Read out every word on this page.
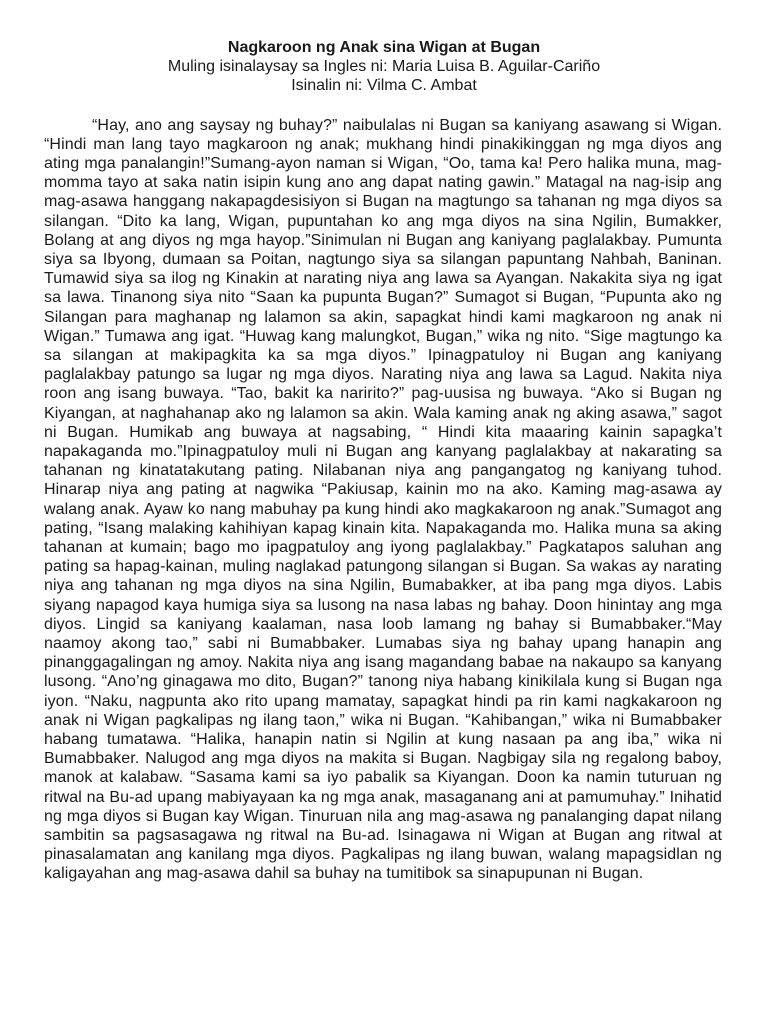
Nagkaroon ng Anak sina Wigan at Bugan

Muling isinalaysay sa Ingles ni: Maria Luisa B. Aguilar-Cariño

Isinalin ni: Vilma C. Ambat

“Hay, ano ang saysay ng buhay?” naibulalas ni Bugan sa kaniyang asawang si Wigan. “Hindi man lang tayo magkaroon ng anak; mukhang hindi pinakikinggan ng mga diyos ang ating mga panalangin!”Sumang-ayon naman si Wigan, “Oo, tama ka! Pero halika muna, mag-momma tayo at saka natin isipin kung ano ang dapat nating gawin.” Matagal na nag-isip ang mag-asawa hanggang nakapagdesisiyon si Bugan na magtungo sa tahanan ng mga diyos sa silangan. “Dito ka lang, Wigan, pupuntahan ko ang mga diyos na sina Ngilin, Bumakker, Bolang at ang diyos ng mga hayop.”Sinimulan ni Bugan ang kaniyang paglalakbay. Pumunta siya sa Ibyong, dumaan sa Poitan, nagtungo siya sa silangan papuntang Nahbah, Baninan. Tumawid siya sa ilog ng Kinakin at narating niya ang lawa sa Ayangan. Nakakita siya ng igat sa lawa. Tinanong siya nito “Saan ka pupunta Bugan?” Sumagot si Bugan, “Pupunta ako ng Silangan para maghanap ng lalamon sa akin, sapagkat hindi kami magkaroon ng anak ni Wigan.” Tumawa ang igat. “Huwag kang malungkot, Bugan,” wika ng nito. “Sige magtungo ka sa silangan at makipagkita ka sa mga diyos.” Ipinagpatuloy ni Bugan ang kaniyang paglalakbay patungo sa lugar ng mga diyos. Narating niya ang lawa sa Lagud. Nakita niya roon ang isang buwaya. “Tao, bakit ka naririto?” pag-uusisa ng buwaya. “Ako si Bugan ng Kiyangan, at naghahanap ako ng lalamon sa akin. Wala kaming anak ng aking asawa,” sagot ni Bugan. Humikab ang buwaya at nagsabing, “ Hindi kita maaaring kainin sapagka’t napakaganda mo.”Ipinagpatuloy muli ni Bugan ang kanyang paglalakbay at nakarating sa tahanan ng kinatatakutang pating. Nilabanan niya ang pangangatog ng kaniyang tuhod. Hinarap niya ang pating at nagwika “Pakiusap, kainin mo na ako. Kaming mag-asawa ay walang anak. Ayaw ko nang mabuhay pa kung hindi ako magkakaroon ng anak.”Sumagot ang pating, “Isang malaking kahihiyan kapag kinain kita. Napakaganda mo. Halika muna sa aking tahanan at kumain; bago mo ipagpatuloy ang iyong paglalakbay.” Pagkatapos saluhan ang pating sa hapag-kainan, muling naglakad patungong silangan si Bugan. Sa wakas ay narating niya ang tahanan ng mga diyos na sina Ngilin, Bumabakker, at iba pang mga diyos. Labis siyang napagod kaya humiga siya sa lusong na nasa labas ng bahay. Doon hinintay ang mga diyos. Lingid sa kaniyang kaalaman, nasa loob lamang ng bahay si Bumabbaker.“May naamoy akong tao,” sabi ni Bumabbaker. Lumabas siya ng bahay upang hanapin ang pinanggagalingan ng amoy. Nakita niya ang isang magandang babae na nakaupo sa kanyang lusong. “Ano’ng ginagawa mo dito, Bugan?” tanong niya habang kinikilala kung si Bugan nga iyon. “Naku, nagpunta ako rito upang mamatay, sapagkat hindi pa rin kami nagkakaroon ng anak ni Wigan pagkalipas ng ilang taon,” wika ni Bugan. “Kahibangan,” wika ni Bumabbaker habang tumatawa. “Halika, hanapin natin si Ngilin at kung nasaan pa ang iba,” wika ni Bumabbaker. Nalugod ang mga diyos na makita si Bugan. Nagbigay sila ng regalong baboy, manok at kalabaw. “Sasama kami sa iyo pabalik sa Kiyangan. Doon ka namin tuturuan ng ritwal na Bu-ad upang mabiyayaan ka ng mga anak, masaganang ani at pamumuhay.” Inihatid ng mga diyos si Bugan kay Wigan. Tinuruan nila ang mag-asawa ng panalanging dapat nilang sambitin sa pagsasagawa ng ritwal na Bu-ad. Isinagawa ni Wigan at Bugan ang ritwal at pinasalamatan ang kanilang mga diyos. Pagkalipas ng ilang buwan, walang mapagsidlan ng kaligayahan ang mag-asawa dahil sa buhay na tumitibok sa sinapupunan ni Bugan.
